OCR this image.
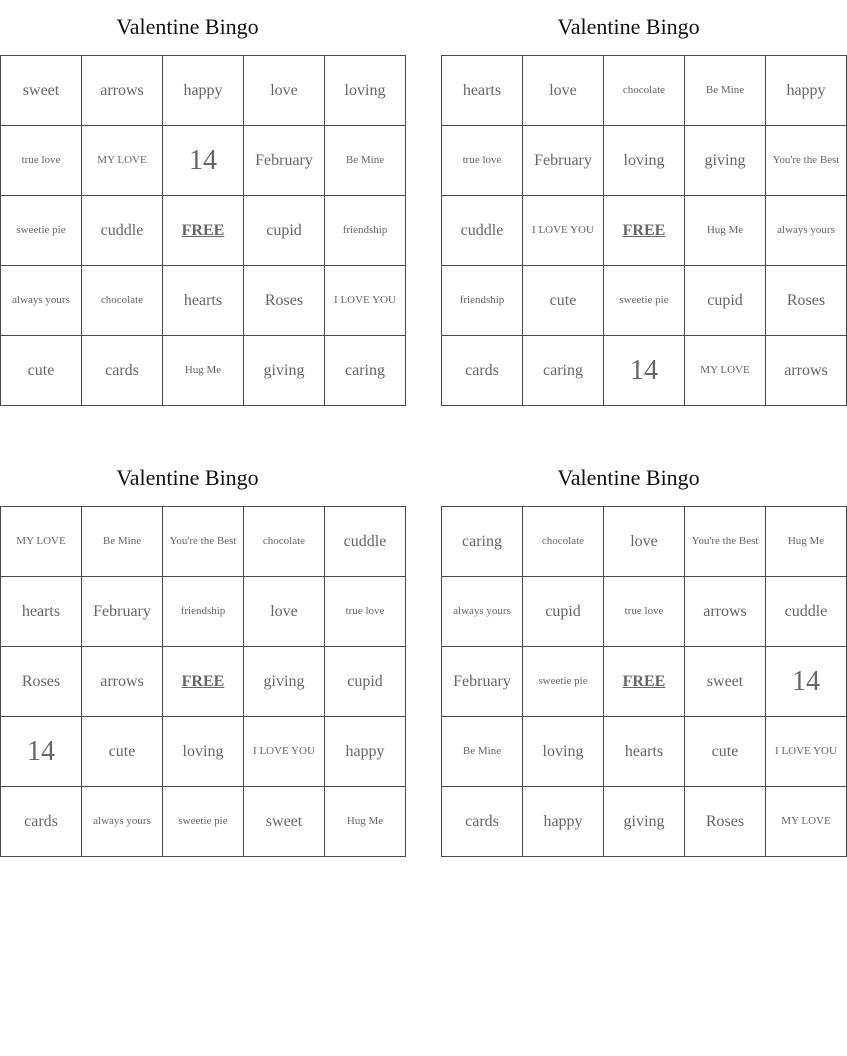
Valentine Bingo
sweet	arrows	happy	love	loving
true love	MY LOVE	14	February	Be Mine
sweetie pie	cuddle	FREE	cupid	friendship
always yours	chocolate	hearts	Roses	I LOVE YOU
cute	cards	Hug Me	giving	caring
Valentine Bingo
hearts	love	chocolate	Be Mine	happy
true love	February	loving	giving	You're the Best
cuddle	I LOVE YOU	FREE	Hug Me	always yours
friendship	cute	sweetie pie	cupid	Roses
cards	caring	14	MY LOVE	arrows
Valentine Bingo
MY LOVE	Be Mine	You're the Best	chocolate	cuddle
hearts	February	friendship	love	true love
Roses	arrows	FREE	giving	cupid
14	cute	loving	I LOVE YOU	happy
cards	always yours	sweetie pie	sweet	Hug Me
Valentine Bingo
caring	chocolate	love	You're the Best	Hug Me
always yours	cupid	true love	arrows	cuddle
February	sweetie pie	FREE	sweet	14
Be Mine	loving	hearts	cute	I LOVE YOU
cards	happy	giving	Roses	MY LOVE
